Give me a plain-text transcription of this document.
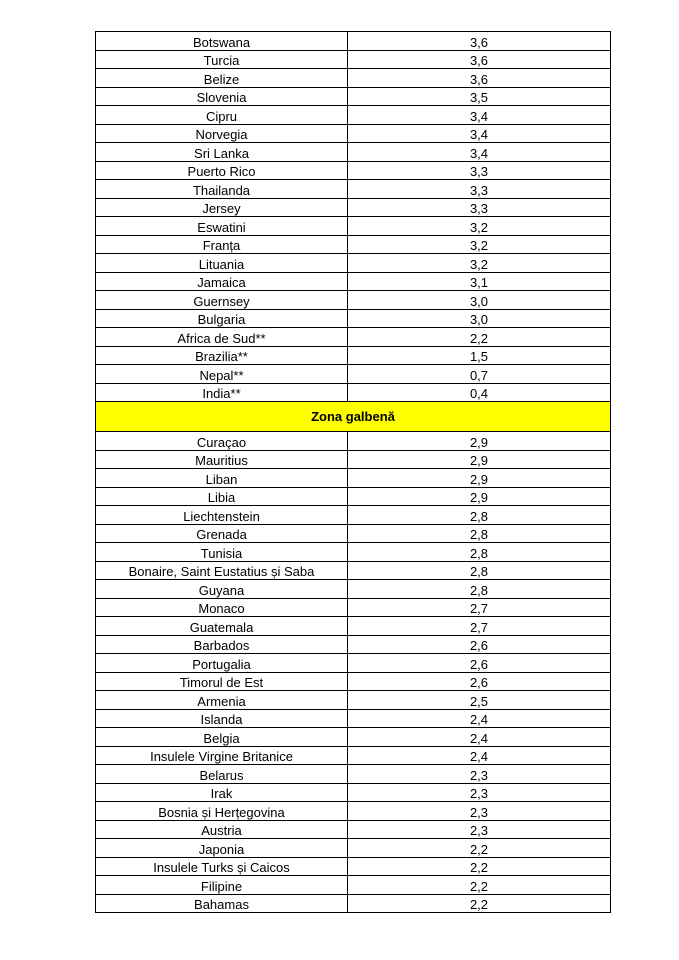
Botswana	3,6
Turcia	3,6
Belize	3,6
Slovenia	3,5
Cipru	3,4
Norvegia	3,4
Sri Lanka	3,4
Puerto Rico	3,3
Thailanda	3,3
Jersey	3,3
Eswatini	3,2
Franța	3,2
Lituania	3,2
Jamaica	3,1
Guernsey	3,0
Bulgaria	3,0
Africa de Sud**	2,2
Brazilia**	1,5
Nepal**	0,7
India**	0,4
Zona galbenă	
Curaçao	2,9
Mauritius	2,9
Liban	2,9
Libia	2,9
Liechtenstein	2,8
Grenada	2,8
Tunisia	2,8
Bonaire, Saint Eustatius și Saba	2,8
Guyana	2,8
Monaco	2,7
Guatemala	2,7
Barbados	2,6
Portugalia	2,6
Timorul de Est	2,6
Armenia	2,5
Islanda	2,4
Belgia	2,4
Insulele Virgine Britanice	2,4
Belarus	2,3
Irak	2,3
Bosnia și Herțegovina	2,3
Austria	2,3
Japonia	2,2
Insulele Turks și Caicos	2,2
Filipine	2,2
Bahamas	2,2
